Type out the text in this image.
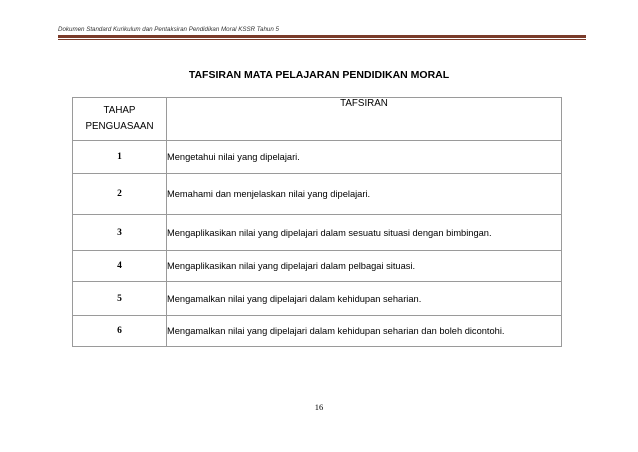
Dokumen Standard Kurikulum dan Pentaksiran Pendidikan Moral KSSR Tahun 5
TAFSIRAN MATA PELAJARAN PENDIDIKAN MORAL
TAHAP PENGUASAAN	TAFSIRAN
1	Mengetahui nilai yang dipelajari.
2	Memahami dan menjelaskan nilai yang dipelajari.
3	Mengaplikasikan nilai yang dipelajari dalam sesuatu situasi dengan bimbingan.
4	Mengaplikasikan nilai yang dipelajari dalam pelbagai situasi.
5	Mengamalkan nilai yang dipelajari dalam kehidupan seharian.
6	Mengamalkan nilai yang dipelajari dalam kehidupan seharian dan boleh dicontohi.
16
